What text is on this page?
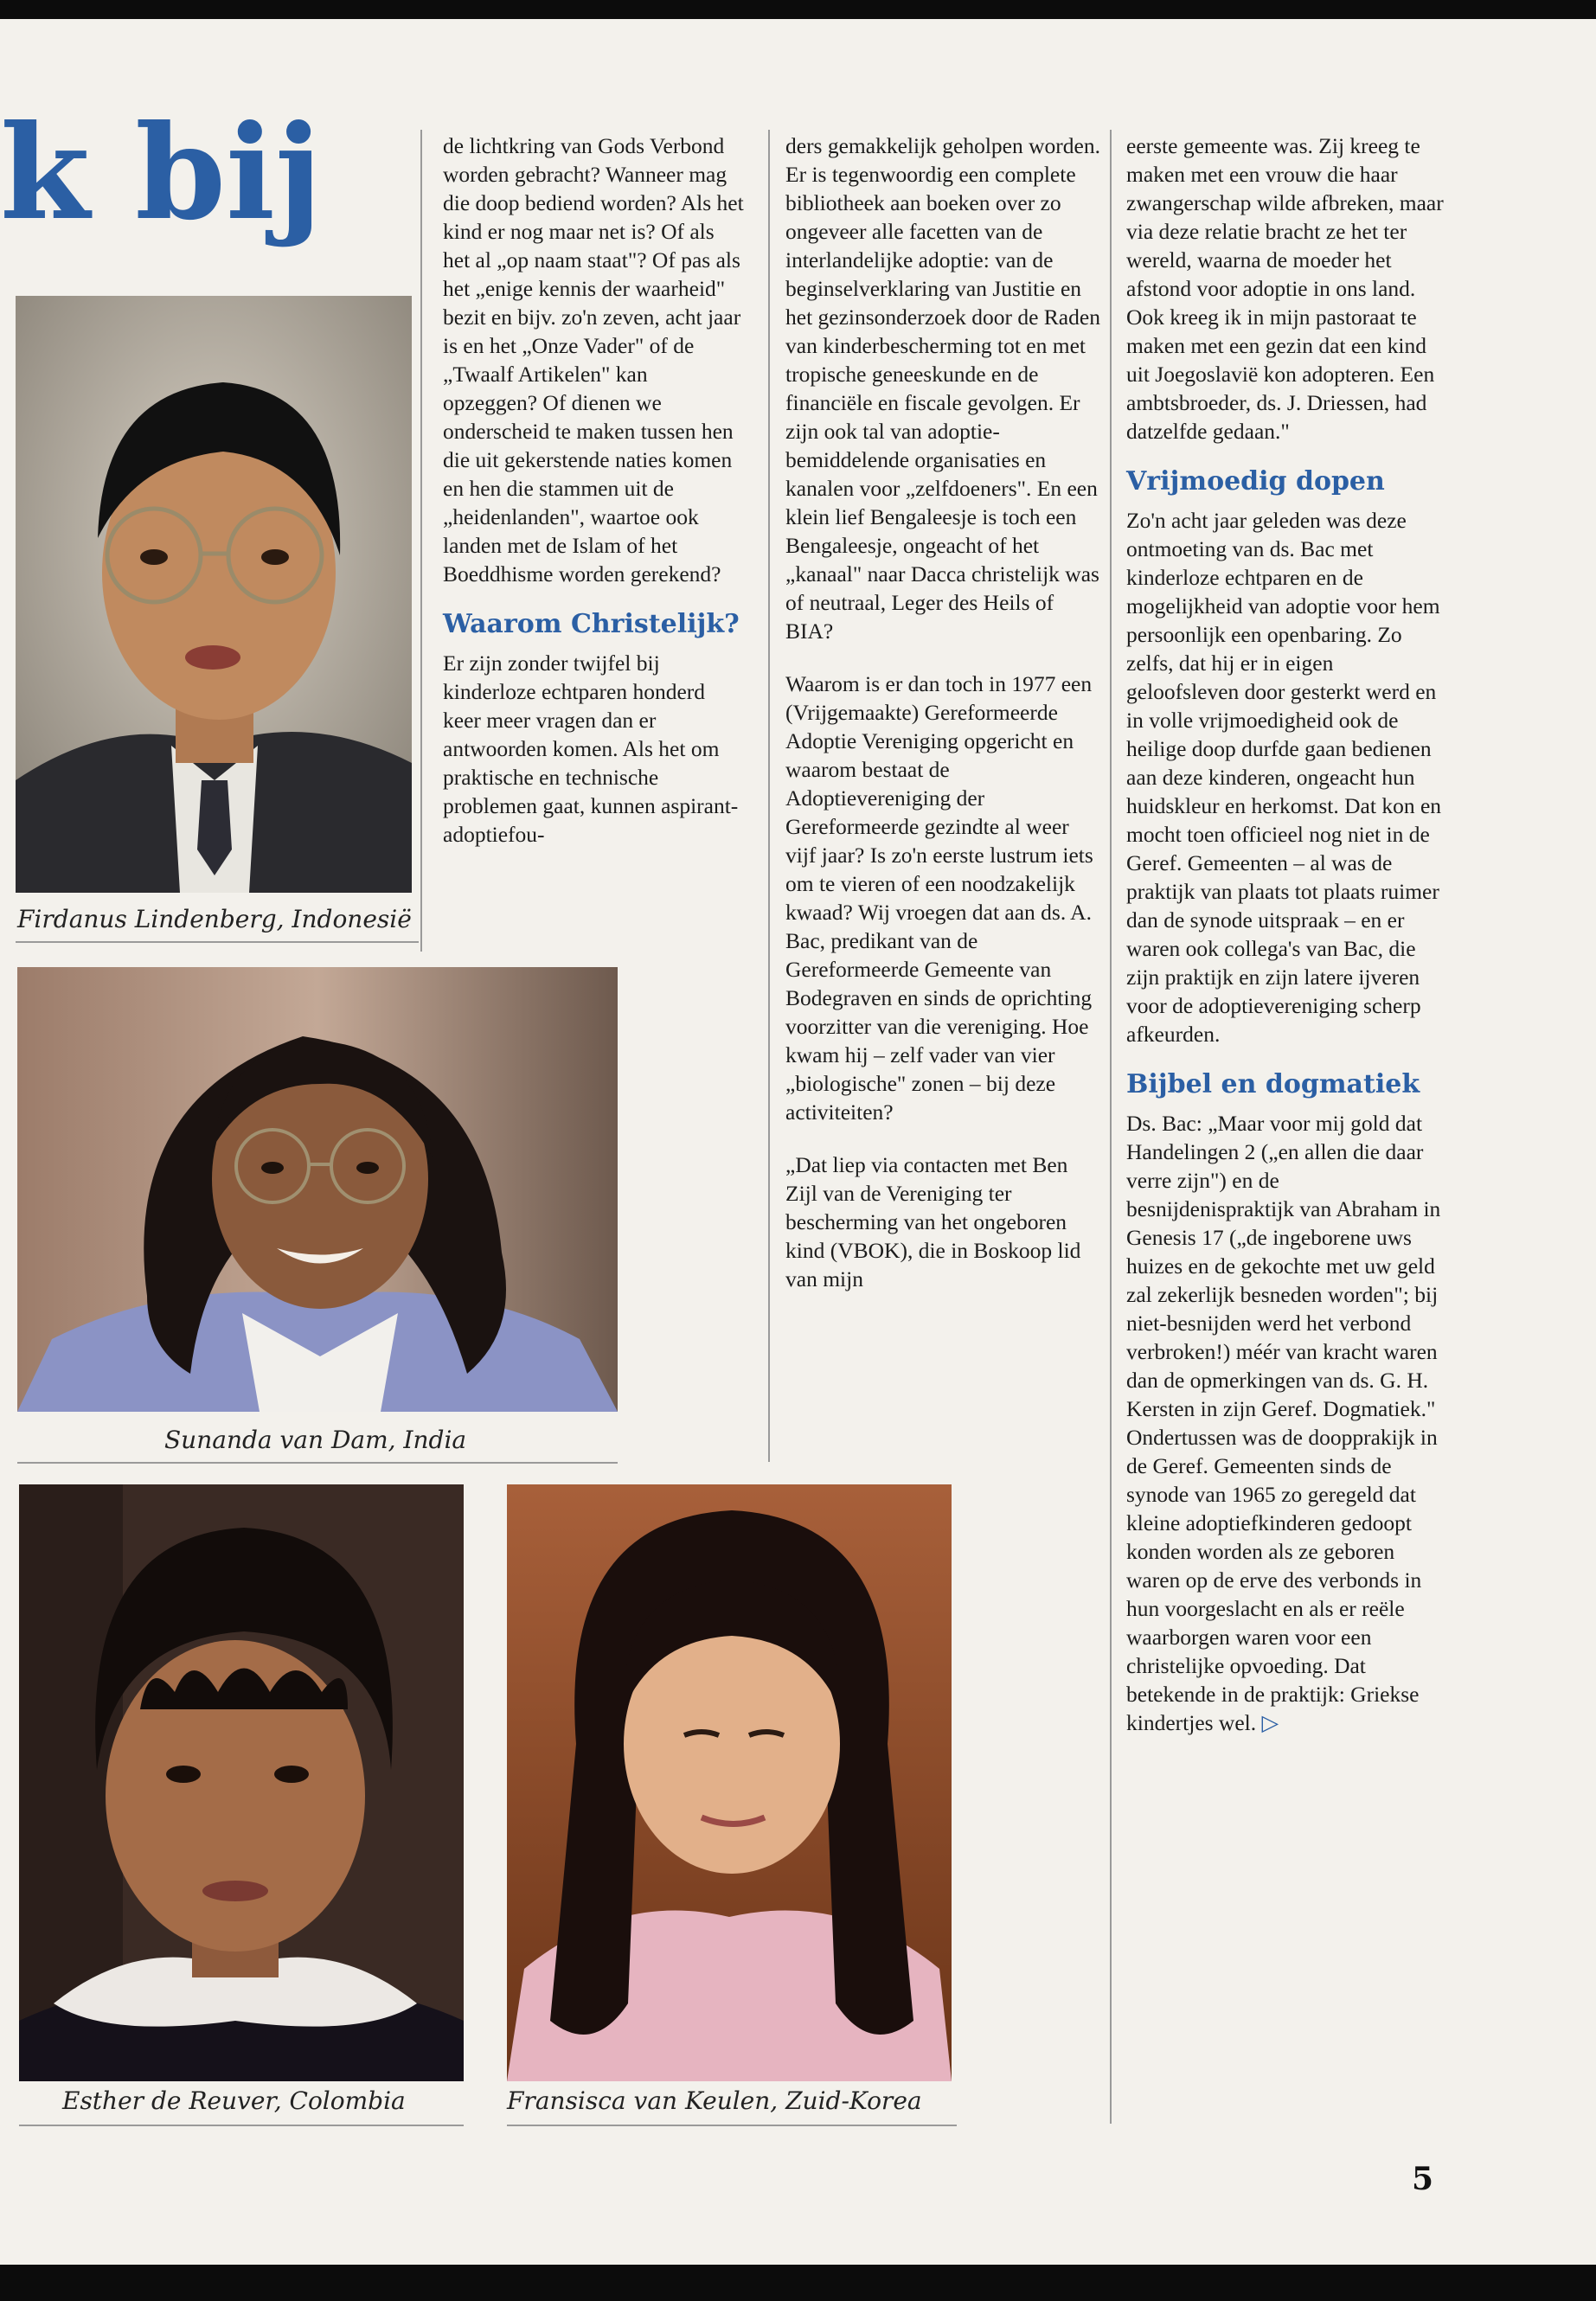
k bij
Firdanus Lindenberg, Indonesië
Sunanda van Dam, India
Esther de Reuver, Colombia	Fransisca van Keulen, Zuid-Korea

de lichtkring van Gods Verbond worden gebracht? Wanneer mag die doop bediend worden? Als het kind er nog maar net is? Of als het al „op naam staat"? Of pas als het „enige kennis der waarheid" bezit en bijv. zo'n zeven, acht jaar is en het „Onze Vader" of de „Twaalf Artikelen" kan opzeggen? Of dienen we onderscheid te maken tussen hen die uit gekerstende naties komen en hen die stammen uit de „heidenlanden", waartoe ook landen met de Islam of het Boeddhisme worden gerekend?

Waarom Christelijk?

Er zijn zonder twijfel bij kinderloze echtparen honderd keer meer vragen dan er antwoorden komen. Als het om praktische en technische problemen gaat, kunnen aspirant-adoptiefou-

ders gemakkelijk geholpen worden. Er is tegenwoordig een complete bibliotheek aan boeken over zo ongeveer alle facetten van de interlandelijke adoptie: van de beginselverklaring van Justitie en het gezinsonderzoek door de Raden van kinderbescherming tot en met tropische geneeskunde en de financiële en fiscale gevolgen. Er zijn ook tal van adoptie-bemiddelende organisaties en kanalen voor „zelfdoeners". En een klein lief Bengaleesje is toch een Bengaleesje, ongeacht of het „kanaal" naar Dacca christelijk was of neutraal, Leger des Heils of BIA?

Waarom is er dan toch in 1977 een (Vrijgemaakte) Gereformeerde Adoptie Vereniging opgericht en waarom bestaat de Adoptievereniging der Gereformeerde gezindte al weer vijf jaar? Is zo'n eerste lustrum iets om te vieren of een noodzakelijk kwaad? Wij vroegen dat aan ds. A. Bac, predikant van de Gereformeerde Gemeente van Bodegraven en sinds de oprichting voorzitter van die vereniging. Hoe kwam hij – zelf vader van vier „biologische" zonen – bij deze activiteiten?

„Dat liep via contacten met Ben Zijl van de Vereniging ter bescherming van het ongeboren kind (VBOK), die in Boskoop lid van mijn

eerste gemeente was. Zij kreeg te maken met een vrouw die haar zwangerschap wilde afbreken, maar via deze relatie bracht ze het ter wereld, waarna de moeder het afstond voor adoptie in ons land. Ook kreeg ik in mijn pastoraat te maken met een gezin dat een kind uit Joegoslavië kon adopteren. Een ambtsbroeder, ds. J. Driessen, had datzelfde gedaan."

Vrijmoedig dopen

Zo'n acht jaar geleden was deze ontmoeting van ds. Bac met kinderloze echtparen en de mogelijkheid van adoptie voor hem persoonlijk een openbaring. Zo zelfs, dat hij er in eigen geloofsleven door gesterkt werd en in volle vrijmoedigheid ook de heilige doop durfde gaan bedienen aan deze kinderen, ongeacht hun huidskleur en herkomst. Dat kon en mocht toen officieel nog niet in de Geref. Gemeenten – al was de praktijk van plaats tot plaats ruimer dan de synode uitspraak – en er waren ook collega's van Bac, die zijn praktijk en zijn latere ijveren voor de adoptievereniging scherp afkeurden.

Bijbel en dogmatiek

Ds. Bac: „Maar voor mij gold dat Handelingen 2 („en allen die daar verre zijn") en de besnijdenispraktijk van Abraham in Genesis 17 („de ingeborene uws huizes en de gekochte met uw geld zal zekerlijk besneden worden"; bij niet-besnijden werd het verbond verbroken!) méér van kracht waren dan de opmerkingen van ds. G. H. Kersten in zijn Geref. Dogmatiek." Ondertussen was de doopprakijk in de Geref. Gemeenten sinds de synode van 1965 zo geregeld dat kleine adoptiefkinderen gedoopt konden worden als ze geboren waren op de erve des verbonds in hun voorgeslacht en als er reële waarborgen waren voor een christelijke opvoeding. Dat betekende in de praktijk: Griekse kindertjes wel. ▷

5
